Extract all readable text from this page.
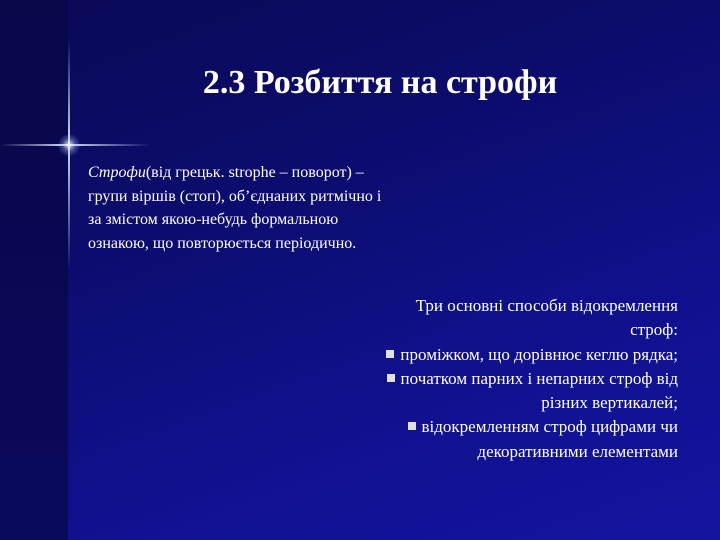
2.3 Розбиття на строфи
Строфи(від грецьк. strophe – поворот) – групи віршів (стоп), об’єднаних ритмічно і за змістом якою-небудь формальною ознакою, що повторюється періодично.

Три основні способи відокремлення строф:

проміжком, що дорівнює кеглю рядка;

початком парних і непарних строф від різних вертикалей;

відокремленням строф цифрами чи декоративними елементами
